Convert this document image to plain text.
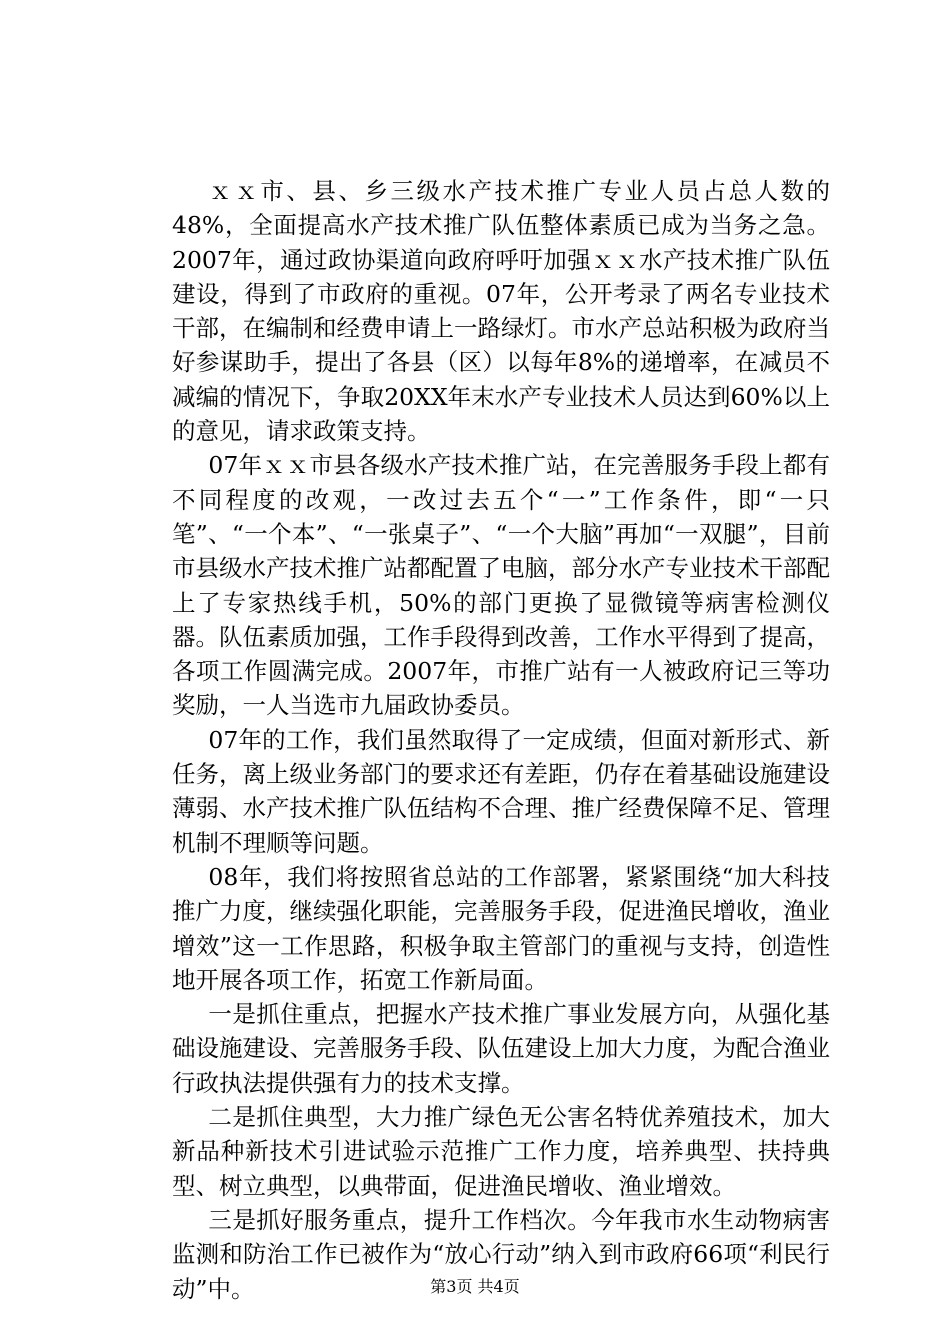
ｘｘ市、县、乡三级水产技术推广专业人员占总人数的48%，全面提高水产技术推广队伍整体素质已成为当务之急。2007年，通过政协渠道向政府呼吁加强ｘｘ水产技术推广队伍建设，得到了市政府的重视。07年，公开考录了两名专业技术干部，在编制和经费申请上一路绿灯。市水产总站积极为政府当好参谋助手，提出了各县（区）以每年8%的递增率，在减员不减编的情况下，争取20XX年末水产专业技术人员达到60%以上的意见，请求政策支持。

07年ｘｘ市县各级水产技术推广站，在完善服务手段上都有不同程度的改观，一改过去五个“一”工作条件，即“一只笔”、“一个本”、“一张桌子”、“一个大脑”再加“一双腿”，目前市县级水产技术推广站都配置了电脑，部分水产专业技术干部配上了专家热线手机，50%的部门更换了显微镜等病害检测仪器。队伍素质加强，工作手段得到改善，工作水平得到了提高，各项工作圆满完成。2007年，市推广站有一人被政府记三等功奖励，一人当选市九届政协委员。

07年的工作，我们虽然取得了一定成绩，但面对新形式、新任务，离上级业务部门的要求还有差距，仍存在着基础设施建设薄弱、水产技术推广队伍结构不合理、推广经费保障不足、管理机制不理顺等问题。

08年，我们将按照省总站的工作部署，紧紧围绕“加大科技推广力度，继续强化职能，完善服务手段，促进渔民增收，渔业增效”这一工作思路，积极争取主管部门的重视与支持，创造性地开展各项工作，拓宽工作新局面。

一是抓住重点，把握水产技术推广事业发展方向，从强化基础设施建设、完善服务手段、队伍建设上加大力度，为配合渔业行政执法提供强有力的技术支撑。

二是抓住典型，大力推广绿色无公害名特优养殖技术，加大新品种新技术引进试验示范推广工作力度，培养典型、扶持典型、树立典型，以典带面，促进渔民增收、渔业增效。

三是抓好服务重点，提升工作档次。今年我市水生动物病害监测和防治工作已被作为“放心行动”纳入到市政府66项“利民行动”中。	第3页 共4页
